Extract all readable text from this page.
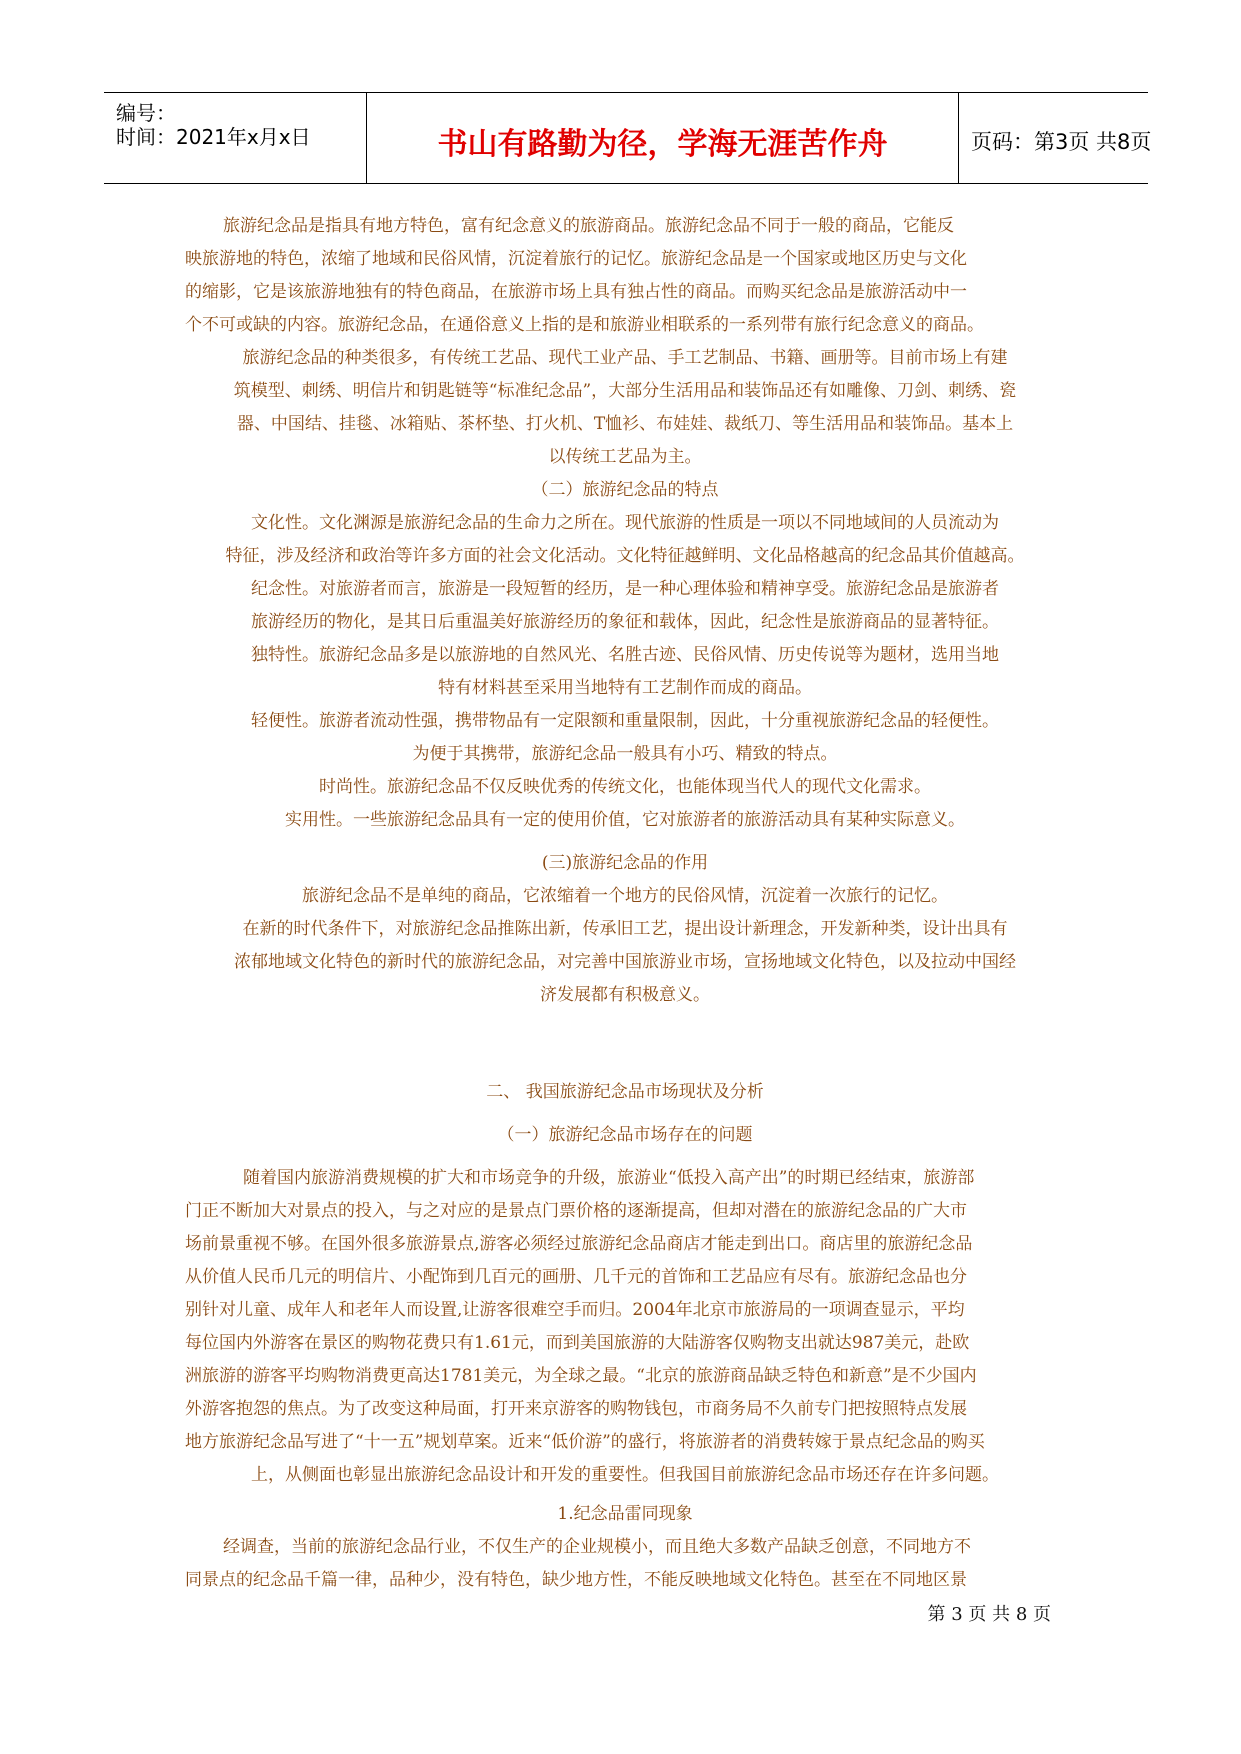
编号：
时间：2021年x月x日	书山有路勤为径，学海无涯苦作舟	页码：第3页 共8页
旅游纪念品是指具有地方特色，富有纪念意义的旅游商品。旅游纪念品不同于一般的商品，它能反
映旅游地的特色，浓缩了地域和民俗风情，沉淀着旅行的记忆。旅游纪念品是一个国家或地区历史与文化
的缩影，它是该旅游地独有的特色商品，在旅游市场上具有独占性的商品。而购买纪念品是旅游活动中一
个不可或缺的内容。旅游纪念品，在通俗意义上指的是和旅游业相联系的一系列带有旅行纪念意义的商品。
旅游纪念品的种类很多，有传统工艺品、现代工业产品、手工艺制品、书籍、画册等。目前市场上有建
筑模型、刺绣、明信片和钥匙链等“标准纪念品”，大部分生活用品和装饰品还有如雕像、刀剑、刺绣、瓷
器、中国结、挂毯、冰箱贴、茶杯垫、打火机、T恤衫、布娃娃、裁纸刀、等生活用品和装饰品。基本上
以传统工艺品为主。
（二）旅游纪念品的特点
文化性。文化渊源是旅游纪念品的生命力之所在。现代旅游的性质是一项以不同地域间的人员流动为
特征，涉及经济和政治等许多方面的社会文化活动。文化特征越鲜明、文化品格越高的纪念品其价值越高。
纪念性。对旅游者而言，旅游是一段短暂的经历，是一种心理体验和精神享受。旅游纪念品是旅游者
旅游经历的物化，是其日后重温美好旅游经历的象征和载体，因此，纪念性是旅游商品的显著特征。
独特性。旅游纪念品多是以旅游地的自然风光、名胜古迹、民俗风情、历史传说等为题材，选用当地
特有材料甚至采用当地特有工艺制作而成的商品。
轻便性。旅游者流动性强，携带物品有一定限额和重量限制，因此，十分重视旅游纪念品的轻便性。
为便于其携带，旅游纪念品一般具有小巧、精致的特点。
时尚性。旅游纪念品不仅反映优秀的传统文化，也能体现当代人的现代文化需求。
实用性。一些旅游纪念品具有一定的使用价值，它对旅游者的旅游活动具有某种实际意义。
(三)旅游纪念品的作用
旅游纪念品不是单纯的商品，它浓缩着一个地方的民俗风情，沉淀着一次旅行的记忆。
在新的时代条件下，对旅游纪念品推陈出新，传承旧工艺，提出设计新理念，开发新种类，设计出具有
浓郁地域文化特色的新时代的旅游纪念品，对完善中国旅游业市场，宣扬地域文化特色，以及拉动中国经
济发展都有积极意义。
二、 我国旅游纪念品市场现状及分析
（一）旅游纪念品市场存在的问题
随着国内旅游消费规模的扩大和市场竞争的升级，旅游业“低投入高产出”的时期已经结束，旅游部
门正不断加大对景点的投入，与之对应的是景点门票价格的逐渐提高，但却对潜在的旅游纪念品的广大市
场前景重视不够。在国外很多旅游景点,游客必须经过旅游纪念品商店才能走到出口。商店里的旅游纪念品
从价值人民币几元的明信片、小配饰到几百元的画册、几千元的首饰和工艺品应有尽有。旅游纪念品也分
别针对儿童、成年人和老年人而设置,让游客很难空手而归。2004年北京市旅游局的一项调查显示，平均
每位国内外游客在景区的购物花费只有1.61元，而到美国旅游的大陆游客仅购物支出就达987美元，赴欧
洲旅游的游客平均购物消费更高达1781美元，为全球之最。“北京的旅游商品缺乏特色和新意”是不少国内
外游客抱怨的焦点。为了改变这种局面，打开来京游客的购物钱包，市商务局不久前专门把按照特点发展
地方旅游纪念品写进了“十一五”规划草案。近来“低价游”的盛行，将旅游者的消费转嫁于景点纪念品的购买
上，从侧面也彰显出旅游纪念品设计和开发的重要性。但我国目前旅游纪念品市场还存在许多问题。
1.纪念品雷同现象
经调查，当前的旅游纪念品行业，不仅生产的企业规模小，而且绝大多数产品缺乏创意，不同地方不
同景点的纪念品千篇一律，品种少，没有特色，缺少地方性，不能反映地域文化特色。甚至在不同地区景
第 3 页 共 8 页
